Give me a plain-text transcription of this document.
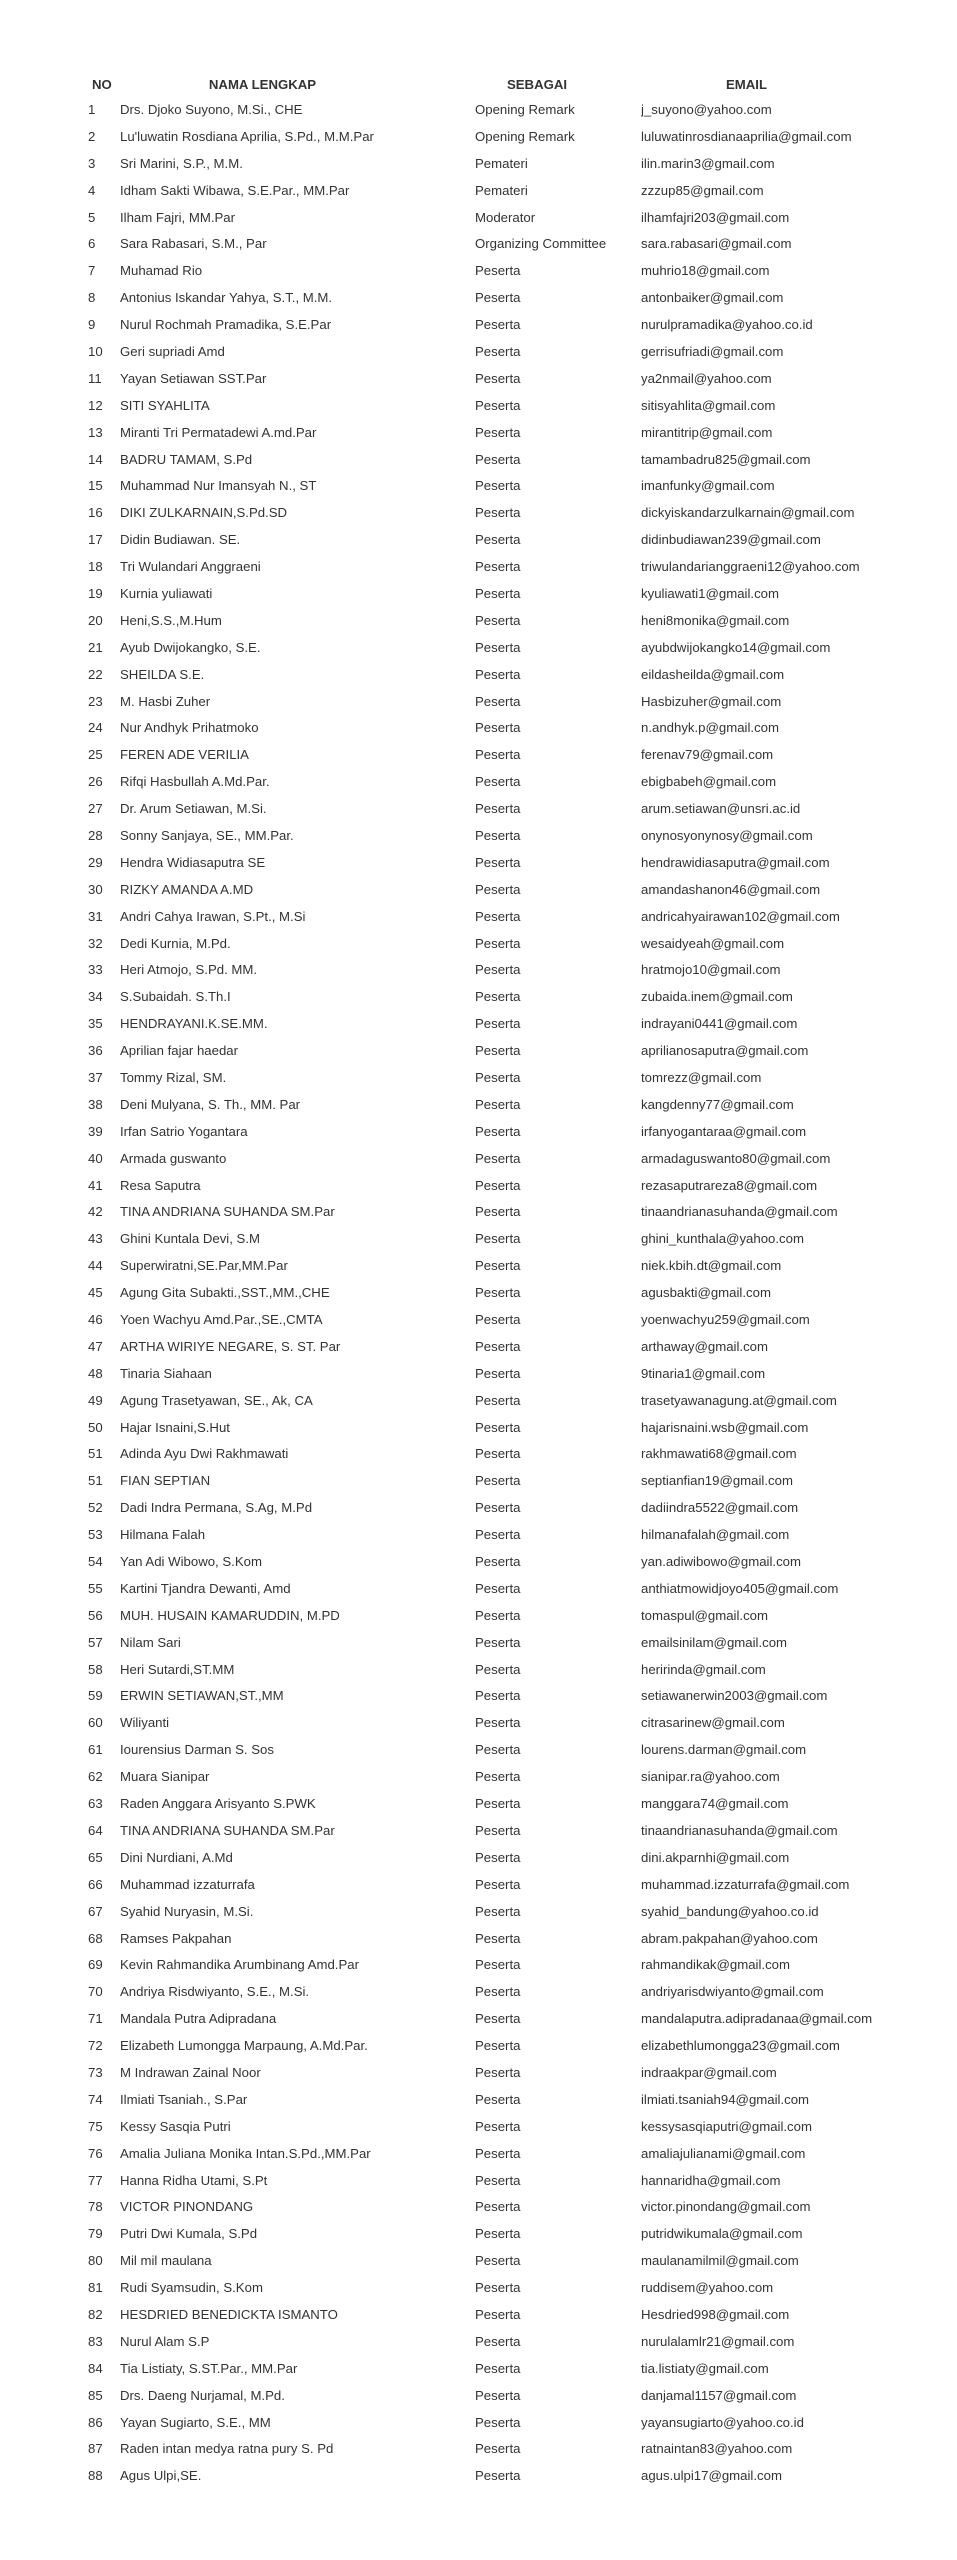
NO	NAMA LENGKAP	SEBAGAI	EMAIL
1	Drs. Djoko Suyono, M.Si., CHE	Opening Remark	j_suyono@yahoo.com
2	Lu'luwatin Rosdiana Aprilia, S.Pd., M.M.Par	Opening Remark	luluwatinrosdianaaprilia@gmail.com
3	Sri Marini, S.P., M.M.	Pemateri	ilin.marin3@gmail.com
4	Idham Sakti Wibawa, S.E.Par., MM.Par	Pemateri	zzzup85@gmail.com
5	Ilham Fajri, MM.Par	Moderator	ilhamfajri203@gmail.com
6	Sara Rabasari, S.M., Par	Organizing Committee	sara.rabasari@gmail.com
7	Muhamad Rio	Peserta	muhrio18@gmail.com
8	Antonius Iskandar Yahya, S.T., M.M.	Peserta	antonbaiker@gmail.com
9	Nurul Rochmah Pramadika, S.E.Par	Peserta	nurulpramadika@yahoo.co.id
10	Geri supriadi Amd	Peserta	gerrisufriadi@gmail.com
11	Yayan Setiawan SST.Par	Peserta	ya2nmail@yahoo.com
12	SITI SYAHLITA	Peserta	sitisyahlita@gmail.com
13	Miranti Tri Permatadewi A.md.Par	Peserta	mirantitrip@gmail.com
14	BADRU TAMAM, S.Pd	Peserta	tamambadru825@gmail.com
15	Muhammad Nur Imansyah N., ST	Peserta	imanfunky@gmail.com
16	DIKI ZULKARNAIN,S.Pd.SD	Peserta	dickyiskandarzulkarnain@gmail.com
17	Didin Budiawan. SE.	Peserta	didinbudiawan239@gmail.com
18	Tri Wulandari Anggraeni	Peserta	triwulandarianggraeni12@yahoo.com
19	Kurnia yuliawati	Peserta	kyuliawati1@gmail.com
20	Heni,S.S.,M.Hum	Peserta	heni8monika@gmail.com
21	Ayub Dwijokangko, S.E.	Peserta	ayubdwijokangko14@gmail.com
22	SHEILDA S.E.	Peserta	eildasheilda@gmail.com
23	M. Hasbi Zuher	Peserta	Hasbizuher@gmail.com
24	Nur Andhyk Prihatmoko	Peserta	n.andhyk.p@gmail.com
25	FEREN ADE VERILIA	Peserta	ferenav79@gmail.com
26	Rifqi Hasbullah A.Md.Par.	Peserta	ebigbabeh@gmail.com
27	Dr. Arum Setiawan, M.Si.	Peserta	arum.setiawan@unsri.ac.id
28	Sonny Sanjaya, SE., MM.Par.	Peserta	onynosyonynosy@gmail.com
29	Hendra Widiasaputra SE	Peserta	hendrawidiasaputra@gmail.com
30	RIZKY AMANDA A.MD	Peserta	amandashanon46@gmail.com
31	Andri Cahya Irawan, S.Pt., M.Si	Peserta	andricahyairawan102@gmail.com
32	Dedi Kurnia, M.Pd.	Peserta	wesaidyeah@gmail.com
33	Heri Atmojo, S.Pd. MM.	Peserta	hratmojo10@gmail.com
34	S.Subaidah. S.Th.I	Peserta	zubaida.inem@gmail.com
35	HENDRAYANI.K.SE.MM.	Peserta	indrayani0441@gmail.com
36	Aprilian fajar haedar	Peserta	aprilianosaputra@gmail.com
37	Tommy Rizal, SM.	Peserta	tomrezz@gmail.com
38	Deni Mulyana, S. Th., MM. Par	Peserta	kangdenny77@gmail.com
39	Irfan Satrio Yogantara	Peserta	irfanyogantaraa@gmail.com
40	Armada guswanto	Peserta	armadaguswanto80@gmail.com
41	Resa Saputra	Peserta	rezasaputrareza8@gmail.com
42	TINA ANDRIANA SUHANDA SM.Par	Peserta	tinaandrianasuhanda@gmail.com
43	Ghini Kuntala Devi, S.M	Peserta	ghini_kunthala@yahoo.com
44	Superwiratni,SE.Par,MM.Par	Peserta	niek.kbih.dt@gmail.com
45	Agung Gita Subakti.,SST.,MM.,CHE	Peserta	agusbakti@gmail.com
46	Yoen Wachyu Amd.Par.,SE.,CMTA	Peserta	yoenwachyu259@gmail.com
47	ARTHA WIRIYE NEGARE, S. ST. Par	Peserta	arthaway@gmail.com
48	Tinaria Siahaan	Peserta	9tinaria1@gmail.com
49	Agung Trasetyawan, SE., Ak, CA	Peserta	trasetyawanagung.at@gmail.com
50	Hajar Isnaini,S.Hut	Peserta	hajarisnaini.wsb@gmail.com
51	Adinda Ayu Dwi Rakhmawati	Peserta	rakhmawati68@gmail.com
51	FIAN SEPTIAN	Peserta	septianfian19@gmail.com
52	Dadi Indra Permana, S.Ag, M.Pd	Peserta	dadiindra5522@gmail.com
53	Hilmana Falah	Peserta	hilmanafalah@gmail.com
54	Yan Adi Wibowo, S.Kom	Peserta	yan.adiwibowo@gmail.com
55	Kartini Tjandra Dewanti, Amd	Peserta	anthiatmowidjoyo405@gmail.com
56	MUH. HUSAIN KAMARUDDIN, M.PD	Peserta	tomaspul@gmail.com
57	Nilam Sari	Peserta	emailsinilam@gmail.com
58	Heri Sutardi,ST.MM	Peserta	heririnda@gmail.com
59	ERWIN SETIAWAN,ST.,MM	Peserta	setiawanerwin2003@gmail.com
60	Wiliyanti	Peserta	citrasarinew@gmail.com
61	Iourensius Darman S. Sos	Peserta	lourens.darman@gmail.com
62	Muara Sianipar	Peserta	sianipar.ra@yahoo.com
63	Raden Anggara Arisyanto S.PWK	Peserta	manggara74@gmail.com
64	TINA ANDRIANA SUHANDA SM.Par	Peserta	tinaandrianasuhanda@gmail.com
65	Dini Nurdiani, A.Md	Peserta	dini.akparnhi@gmail.com
66	Muhammad izzaturrafa	Peserta	muhammad.izzaturrafa@gmail.com
67	Syahid Nuryasin, M.Si.	Peserta	syahid_bandung@yahoo.co.id
68	Ramses Pakpahan	Peserta	abram.pakpahan@yahoo.com
69	Kevin Rahmandika Arumbinang Amd.Par	Peserta	rahmandikak@gmail.com
70	Andriya Risdwiyanto, S.E., M.Si.	Peserta	andriyarisdwiyanto@gmail.com
71	Mandala Putra Adipradana	Peserta	mandalaputra.adipradanaa@gmail.com
72	Elizabeth Lumongga Marpaung, A.Md.Par.	Peserta	elizabethlumongga23@gmail.com
73	M Indrawan Zainal Noor	Peserta	indraakpar@gmail.com
74	Ilmiati Tsaniah., S.Par	Peserta	ilmiati.tsaniah94@gmail.com
75	Kessy Sasqia Putri	Peserta	kessysasqiaputri@gmail.com
76	Amalia Juliana Monika Intan.S.Pd.,MM.Par	Peserta	amaliajulianami@gmail.com
77	Hanna Ridha Utami, S.Pt	Peserta	hannaridha@gmail.com
78	VICTOR PINONDANG	Peserta	victor.pinondang@gmail.com
79	Putri Dwi Kumala, S.Pd	Peserta	putridwikumala@gmail.com
80	Mil mil maulana	Peserta	maulanamilmil@gmail.com
81	Rudi Syamsudin, S.Kom	Peserta	ruddisem@yahoo.com
82	HESDRIED BENEDICKTA ISMANTO	Peserta	Hesdried998@gmail.com
83	Nurul Alam S.P	Peserta	nurulalamlr21@gmail.com
84	Tia Listiaty, S.ST.Par., MM.Par	Peserta	tia.listiaty@gmail.com
85	Drs. Daeng Nurjamal, M.Pd.	Peserta	danjamal1157@gmail.com
86	Yayan Sugiarto, S.E., MM	Peserta	yayansugiarto@yahoo.co.id
87	Raden intan medya ratna pury S. Pd	Peserta	ratnaintan83@yahoo.com
88	Agus Ulpi,SE.	Peserta	agus.ulpi17@gmail.com
